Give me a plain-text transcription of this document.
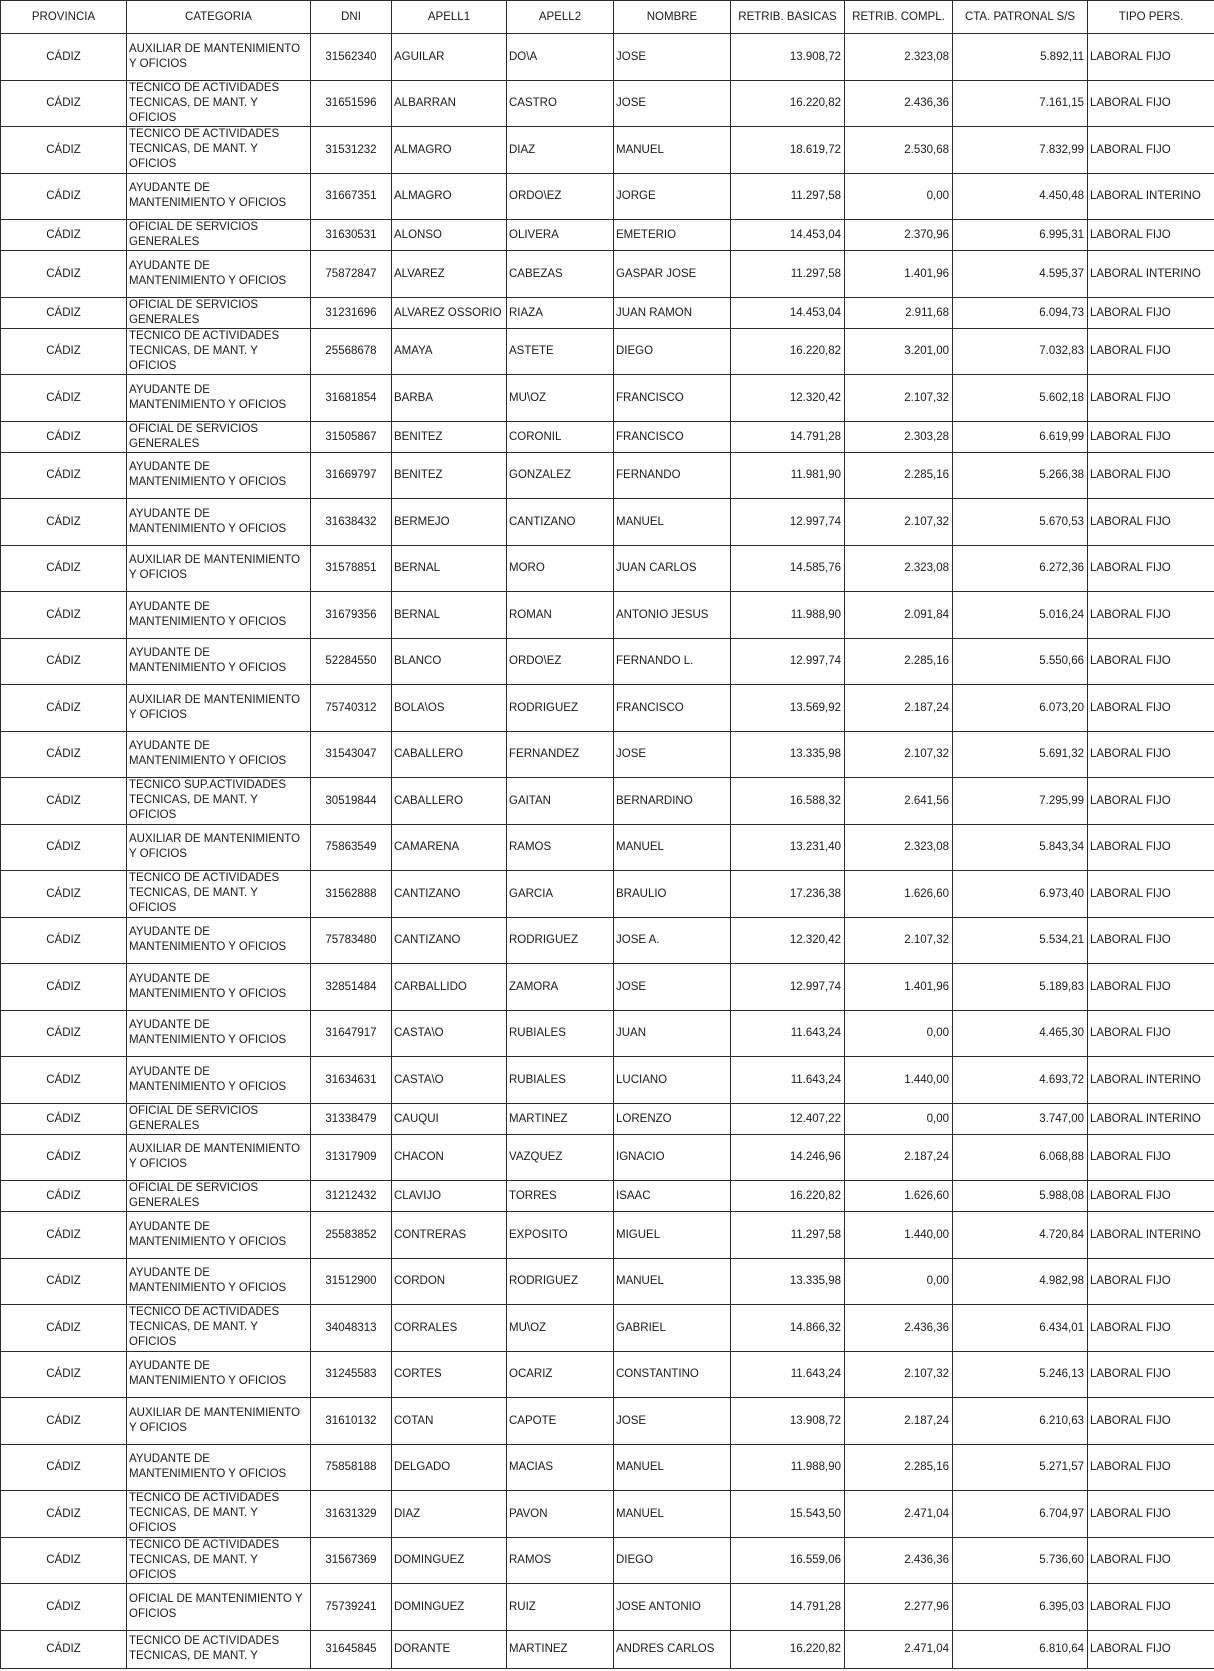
PROVINCIA	CATEGORIA	DNI	APELL1	APELL2	NOMBRE	RETRIB. BASICAS	RETRIB. COMPL.	CTA. PATRONAL S/S	TIPO PERS.
CÁDIZ	AUXILIAR DE MANTENIMIENTO Y OFICIOS	31562340	AGUILAR	DO\A	JOSE	13.908,72	2.323,08	5.892,11	LABORAL FIJO
CÁDIZ	TECNICO DE ACTIVIDADES TECNICAS, DE MANT. Y OFICIOS	31651596	ALBARRAN	CASTRO	JOSE	16.220,82	2.436,36	7.161,15	LABORAL FIJO
CÁDIZ	TECNICO DE ACTIVIDADES TECNICAS, DE MANT. Y OFICIOS	31531232	ALMAGRO	DIAZ	MANUEL	18.619,72	2.530,68	7.832,99	LABORAL FIJO
CÁDIZ	AYUDANTE DE MANTENIMIENTO Y OFICIOS	31667351	ALMAGRO	ORDO\EZ	JORGE	11.297,58	0,00	4.450,48	LABORAL INTERINO
CÁDIZ	OFICIAL DE SERVICIOS GENERALES	31630531	ALONSO	OLIVERA	EMETERIO	14.453,04	2.370,96	6.995,31	LABORAL FIJO
CÁDIZ	AYUDANTE DE MANTENIMIENTO Y OFICIOS	75872847	ALVAREZ	CABEZAS	GASPAR JOSE	11.297,58	1.401,96	4.595,37	LABORAL INTERINO
CÁDIZ	OFICIAL DE SERVICIOS GENERALES	31231696	ALVAREZ OSSORIO	RIAZA	JUAN RAMON	14.453,04	2.911,68	6.094,73	LABORAL FIJO
CÁDIZ	TECNICO DE ACTIVIDADES TECNICAS, DE MANT. Y OFICIOS	25568678	AMAYA	ASTETE	DIEGO	16.220,82	3.201,00	7.032,83	LABORAL FIJO
CÁDIZ	AYUDANTE DE MANTENIMIENTO Y OFICIOS	31681854	BARBA	MU\OZ	FRANCISCO	12.320,42	2.107,32	5.602,18	LABORAL FIJO
CÁDIZ	OFICIAL DE SERVICIOS GENERALES	31505867	BENITEZ	CORONIL	FRANCISCO	14.791,28	2.303,28	6.619,99	LABORAL FIJO
CÁDIZ	AYUDANTE DE MANTENIMIENTO Y OFICIOS	31669797	BENITEZ	GONZALEZ	FERNANDO	11.981,90	2.285,16	5.266,38	LABORAL FIJO
CÁDIZ	AYUDANTE DE MANTENIMIENTO Y OFICIOS	31638432	BERMEJO	CANTIZANO	MANUEL	12.997,74	2.107,32	5.670,53	LABORAL FIJO
CÁDIZ	AUXILIAR DE MANTENIMIENTO Y OFICIOS	31578851	BERNAL	MORO	JUAN CARLOS	14.585,76	2.323,08	6.272,36	LABORAL FIJO
CÁDIZ	AYUDANTE DE MANTENIMIENTO Y OFICIOS	31679356	BERNAL	ROMAN	ANTONIO JESUS	11.988,90	2.091,84	5.016,24	LABORAL FIJO
CÁDIZ	AYUDANTE DE MANTENIMIENTO Y OFICIOS	52284550	BLANCO	ORDO\EZ	FERNANDO L.	12.997,74	2.285,16	5.550,66	LABORAL FIJO
CÁDIZ	AUXILIAR DE MANTENIMIENTO Y OFICIOS	75740312	BOLA\OS	RODRIGUEZ	FRANCISCO	13.569,92	2.187,24	6.073,20	LABORAL FIJO
CÁDIZ	AYUDANTE DE MANTENIMIENTO Y OFICIOS	31543047	CABALLERO	FERNANDEZ	JOSE	13.335,98	2.107,32	5.691,32	LABORAL FIJO
CÁDIZ	TECNICO SUP.ACTIVIDADES TECNICAS, DE MANT. Y OFICIOS	30519844	CABALLERO	GAITAN	BERNARDINO	16.588,32	2.641,56	7.295,99	LABORAL FIJO
CÁDIZ	AUXILIAR DE MANTENIMIENTO Y OFICIOS	75863549	CAMARENA	RAMOS	MANUEL	13.231,40	2.323,08	5.843,34	LABORAL FIJO
CÁDIZ	TECNICO DE ACTIVIDADES TECNICAS, DE MANT. Y OFICIOS	31562888	CANTIZANO	GARCIA	BRAULIO	17.236,38	1.626,60	6.973,40	LABORAL FIJO
CÁDIZ	AYUDANTE DE MANTENIMIENTO Y OFICIOS	75783480	CANTIZANO	RODRIGUEZ	JOSE A.	12.320,42	2.107,32	5.534,21	LABORAL FIJO
CÁDIZ	AYUDANTE DE MANTENIMIENTO Y OFICIOS	32851484	CARBALLIDO	ZAMORA	JOSE	12.997,74	1.401,96	5.189,83	LABORAL FIJO
CÁDIZ	AYUDANTE DE MANTENIMIENTO Y OFICIOS	31647917	CASTA\O	RUBIALES	JUAN	11.643,24	0,00	4.465,30	LABORAL FIJO
CÁDIZ	AYUDANTE DE MANTENIMIENTO Y OFICIOS	31634631	CASTA\O	RUBIALES	LUCIANO	11.643,24	1.440,00	4.693,72	LABORAL INTERINO
CÁDIZ	OFICIAL DE SERVICIOS GENERALES	31338479	CAUQUI	MARTINEZ	LORENZO	12.407,22	0,00	3.747,00	LABORAL INTERINO
CÁDIZ	AUXILIAR DE MANTENIMIENTO Y OFICIOS	31317909	CHACON	VAZQUEZ	IGNACIO	14.246,96	2.187,24	6.068,88	LABORAL FIJO
CÁDIZ	OFICIAL DE SERVICIOS GENERALES	31212432	CLAVIJO	TORRES	ISAAC	16.220,82	1.626,60	5.988,08	LABORAL FIJO
CÁDIZ	AYUDANTE DE MANTENIMIENTO Y OFICIOS	25583852	CONTRERAS	EXPOSITO	MIGUEL	11.297,58	1.440,00	4.720,84	LABORAL INTERINO
CÁDIZ	AYUDANTE DE MANTENIMIENTO Y OFICIOS	31512900	CORDON	RODRIGUEZ	MANUEL	13.335,98	0,00	4.982,98	LABORAL FIJO
CÁDIZ	TECNICO DE ACTIVIDADES TECNICAS, DE MANT. Y OFICIOS	34048313	CORRALES	MU\OZ	GABRIEL	14.866,32	2.436,36	6.434,01	LABORAL FIJO
CÁDIZ	AYUDANTE DE MANTENIMIENTO Y OFICIOS	31245583	CORTES	OCARIZ	CONSTANTINO	11.643,24	2.107,32	5.246,13	LABORAL FIJO
CÁDIZ	AUXILIAR DE MANTENIMIENTO Y OFICIOS	31610132	COTAN	CAPOTE	JOSE	13.908,72	2.187,24	6.210,63	LABORAL FIJO
CÁDIZ	AYUDANTE DE MANTENIMIENTO Y OFICIOS	75858188	DELGADO	MACIAS	MANUEL	11.988,90	2.285,16	5.271,57	LABORAL FIJO
CÁDIZ	TECNICO DE ACTIVIDADES TECNICAS, DE MANT. Y OFICIOS	31631329	DIAZ	PAVON	MANUEL	15.543,50	2.471,04	6.704,97	LABORAL FIJO
CÁDIZ	TECNICO DE ACTIVIDADES TECNICAS, DE MANT. Y OFICIOS	31567369	DOMINGUEZ	RAMOS	DIEGO	16.559,06	2.436,36	5.736,60	LABORAL FIJO
CÁDIZ	OFICIAL DE MANTENIMIENTO Y OFICIOS	75739241	DOMINGUEZ	RUIZ	JOSE ANTONIO	14.791,28	2.277,96	6.395,03	LABORAL FIJO
CÁDIZ	TECNICO DE ACTIVIDADES TECNICAS, DE MANT. Y	31645845	DORANTE	MARTINEZ	ANDRES CARLOS	16.220,82	2.471,04	6.810,64	LABORAL FIJO
